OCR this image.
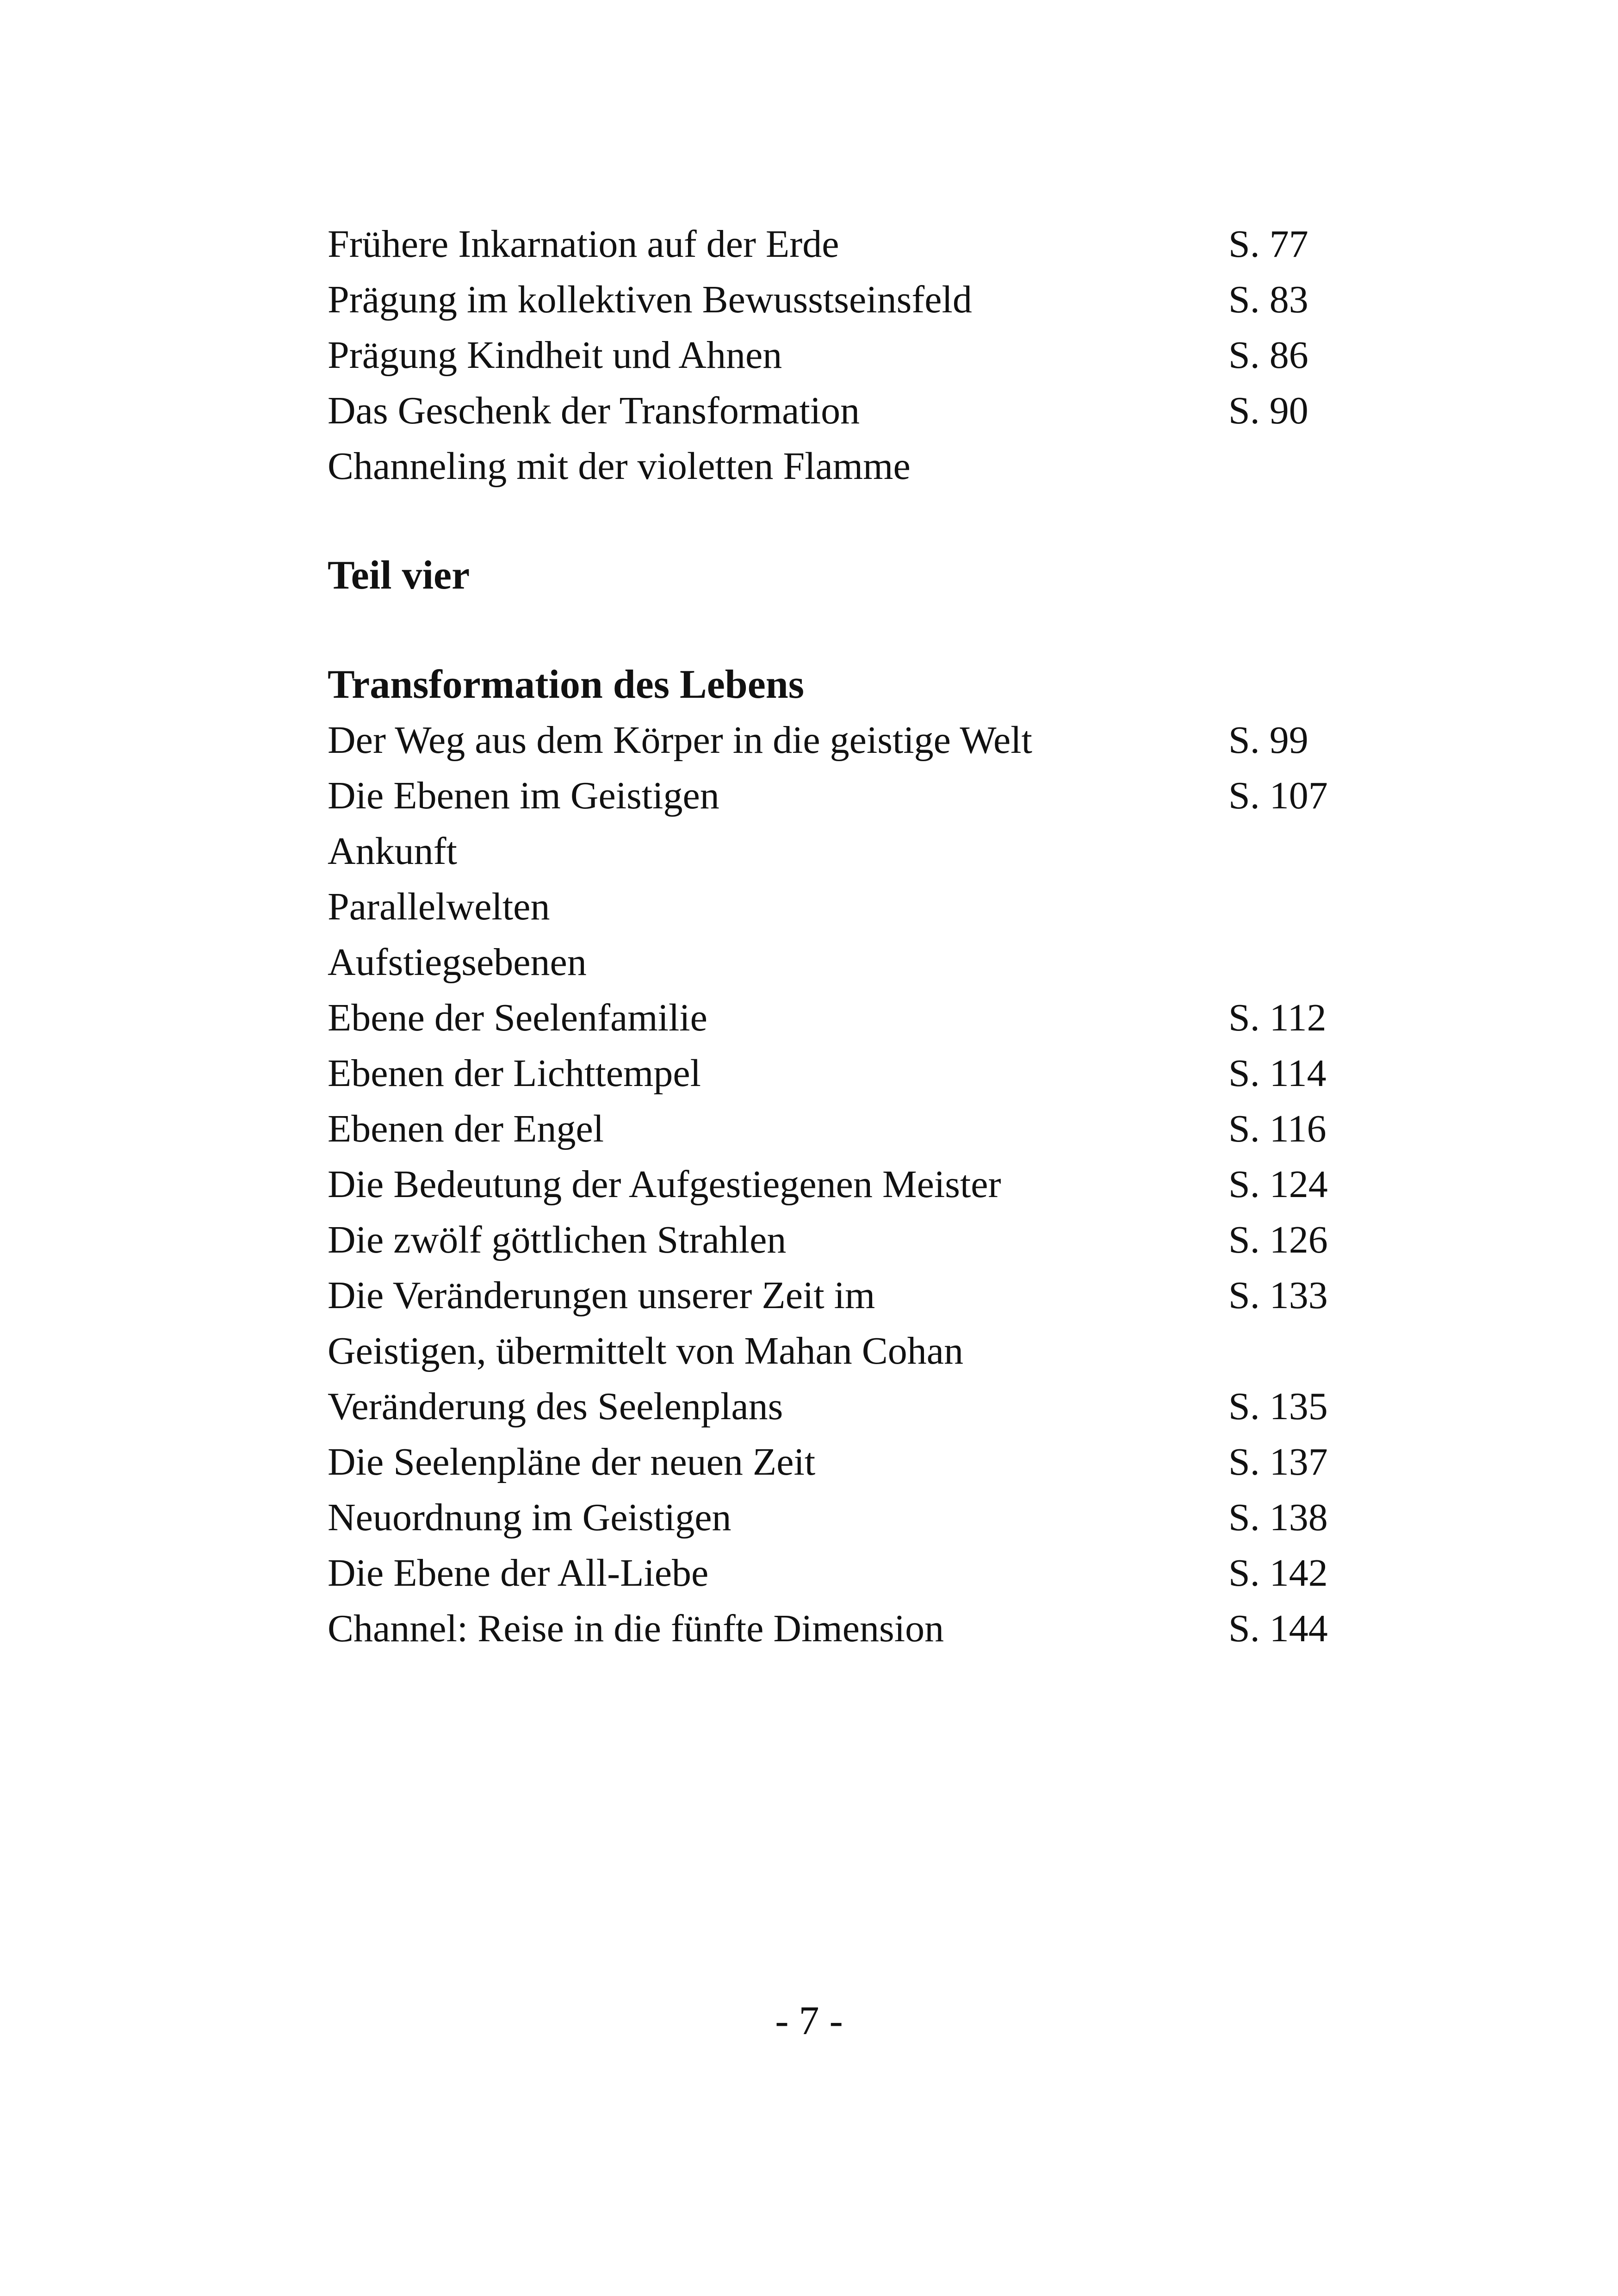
Frühere Inkarnation auf der Erde	S. 77
Prägung im kollektiven Bewusstseinsfeld	S. 83
Prägung Kindheit und Ahnen	S. 86
Das Geschenk der Transformation	S. 90
Channeling mit der violetten Flamme
Teil vier
Transformation des Lebens
Der Weg aus dem Körper in die geistige Welt	S. 99
Die Ebenen im Geistigen	S. 107
Ankunft
Parallelwelten
Aufstiegsebenen
Ebene der Seelenfamilie	S. 112
Ebenen der Lichttempel	S. 114
Ebenen der Engel	S. 116
Die Bedeutung der Aufgestiegenen Meister	S. 124
Die zwölf göttlichen Strahlen	S. 126
Die Veränderungen unserer Zeit im	S. 133
Geistigen, übermittelt von Mahan Cohan
Veränderung des Seelenplans	S. 135
Die Seelenpläne der neuen Zeit	S. 137
Neuordnung im Geistigen	S. 138
Die Ebene der All-Liebe	S. 142
Channel: Reise in die fünfte Dimension	S. 144
- 7 -
